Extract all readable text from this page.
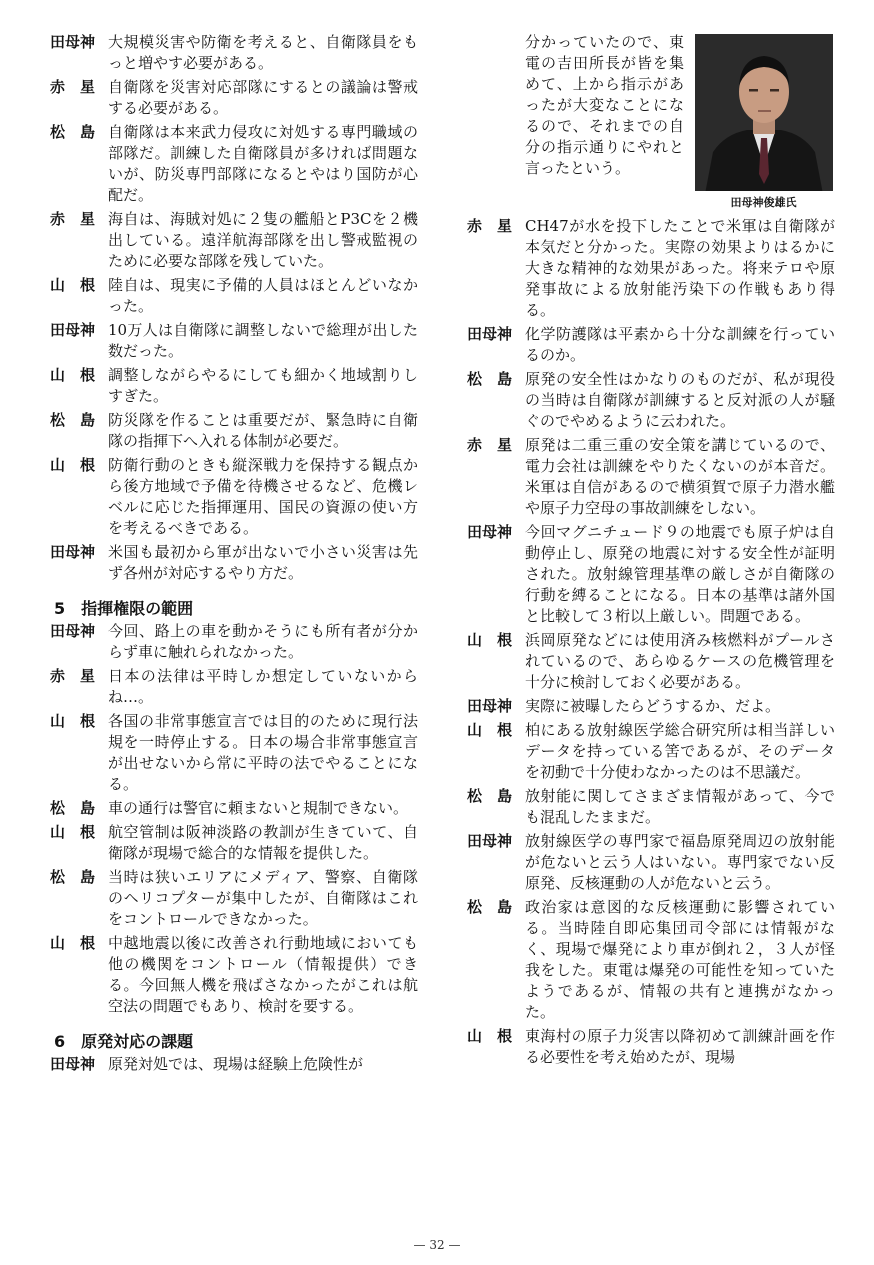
田母神 大規模災害や防衛を考えると、自衛隊員をもっと増やす必要がある。
赤　星 自衛隊を災害対応部隊にするとの議論は警戒する必要がある。
松　島 自衛隊は本来武力侵攻に対処する専門職域の部隊だ。訓練した自衛隊員が多ければ問題ないが、防災専門部隊になるとやはり国防が心配だ。
赤　星 海自は、海賊対処に２隻の艦船とP3Cを２機出している。遠洋航海部隊を出し警戒監視のために必要な部隊を残していた。
山　根 陸自は、現実に予備的人員はほとんどいなかった。
田母神 10万人は自衛隊に調整しないで総理が出した数だった。
山　根 調整しながらやるにしても細かく地域割りしすぎた。
松　島 防災隊を作ることは重要だが、緊急時に自衛隊の指揮下へ入れる体制が必要だ。
山　根 防衛行動のときも縦深戦力を保持する観点から後方地域で予備を待機させるなど、危機レベルに応じた指揮運用、国民の資源の使い方を考えるべきである。
田母神 米国も最初から軍が出ないで小さい災害は先ず各州が対応するやり方だ。
5　指揮権限の範囲
田母神 今回、路上の車を動かそうにも所有者が分からず車に触れられなかった。
赤　星 日本の法律は平時しか想定していないからね…。
山　根 各国の非常事態宣言では目的のために現行法規を一時停止する。日本の場合非常事態宣言が出せないから常に平時の法でやることになる。
松　島 車の通行は警官に頼まないと規制できない。
山　根 航空管制は阪神淡路の教訓が生きていて、自衛隊が現場で総合的な情報を提供した。
松　島 当時は狭いエリアにメディア、警察、自衛隊のヘリコプターが集中したが、自衛隊はこれをコントロールできなかった。
山　根 中越地震以後に改善され行動地域においても他の機関をコントロール（情報提供）できる。今回無人機を飛ばさなかったがこれは航空法の問題でもあり、検討を要する。
6　原発対応の課題
田母神 原発対処では、現場は経験上危険性が
田母神俊雄氏
分かっていたので、東電の吉田所長が皆を集めて、上から指示があったが大変なことになるので、それまでの自分の指示通りにやれと言ったという。
赤　星 CH47が水を投下したことで米軍は自衛隊が本気だと分かった。実際の効果よりはるかに大きな精神的な効果があった。将来テロや原発事故による放射能汚染下の作戦もあり得る。
田母神 化学防護隊は平素から十分な訓練を行っているのか。
松　島 原発の安全性はかなりのものだが、私が現役の当時は自衛隊が訓練すると反対派の人が騒ぐのでやめるように云われた。
赤　星 原発は二重三重の安全策を講じているので、電力会社は訓練をやりたくないのが本音だ。米軍は自信があるので横須賀で原子力潜水艦や原子力空母の事故訓練をしない。
田母神 今回マグニチュード９の地震でも原子炉は自動停止し、原発の地震に対する安全性が証明された。放射線管理基準の厳しさが自衛隊の行動を縛ることになる。日本の基準は諸外国と比較して３桁以上厳しい。問題である。
山　根 浜岡原発などには使用済み核燃料がプールされているので、あらゆるケースの危機管理を十分に検討しておく必要がある。
田母神 実際に被曝したらどうするか、だよ。
山　根 柏にある放射線医学総合研究所は相当詳しいデータを持っている筈であるが、そのデータを初動で十分使わなかったのは不思議だ。
松　島 放射能に関してさまざま情報があって、今でも混乱したままだ。
田母神 放射線医学の専門家で福島原発周辺の放射能が危ないと云う人はいない。専門家でない反原発、反核運動の人が危ないと云う。
松　島 政治家は意図的な反核運動に影響されている。当時陸自即応集団司令部には情報がなく、現場で爆発により車が倒れ２，３人が怪我をした。東電は爆発の可能性を知っていたようであるが、情報の共有と連携がなかった。
山　根 東海村の原子力災害以降初めて訓練計画を作る必要性を考え始めたが、現場
— 32 —
